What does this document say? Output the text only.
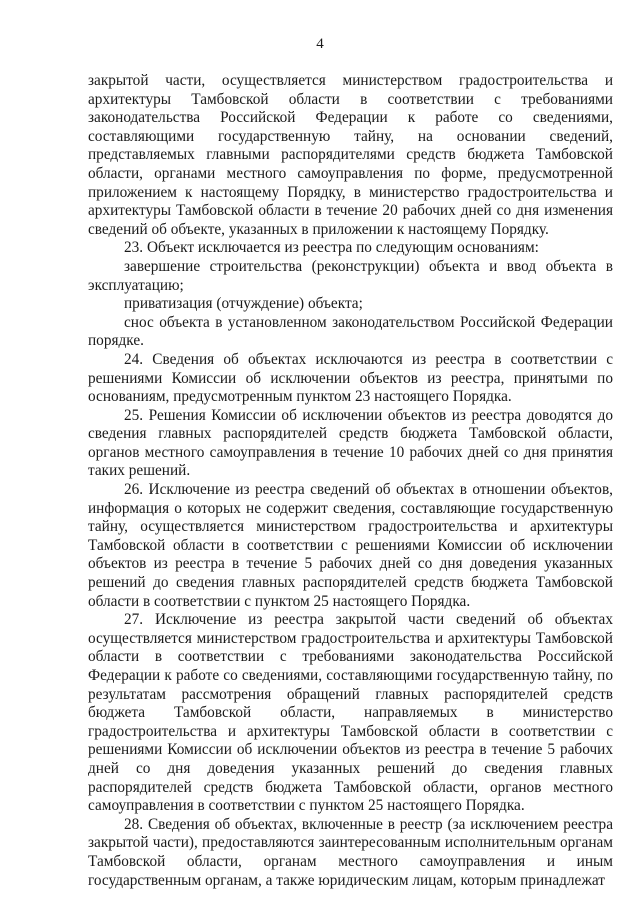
4

закрытой части, осуществляется министерством градостроительства и архитектуры Тамбовской области в соответствии с требованиями законодательства Российской Федерации к работе со сведениями, составляющими государственную тайну, на основании сведений, представляемых главными распорядителями средств бюджета Тамбовской области, органами местного самоуправления по форме, предусмотренной приложением к настоящему Порядку, в министерство градостроительства и архитектуры Тамбовской области в течение 20 рабочих дней со дня изменения сведений об объекте, указанных в приложении к настоящему Порядку.

23. Объект исключается из реестра по следующим основаниям:

завершение строительства (реконструкции) объекта и ввод объекта в эксплуатацию;

приватизация (отчуждение) объекта;

снос объекта в установленном законодательством Российской Федерации порядке.

24. Сведения об объектах исключаются из реестра в соответствии с решениями Комиссии об исключении объектов из реестра, принятыми по основаниям, предусмотренным пунктом 23 настоящего Порядка.

25. Решения Комиссии об исключении объектов из реестра доводятся до сведения главных распорядителей средств бюджета Тамбовской области, органов местного самоуправления в течение 10 рабочих дней со дня принятия таких решений.

26. Исключение из реестра сведений об объектах в отношении объектов, информация о которых не содержит сведения, составляющие государственную тайну, осуществляется министерством градостроительства и архитектуры Тамбовской области в соответствии с решениями Комиссии об исключении объектов из реестра в течение 5 рабочих дней со дня доведения указанных решений до сведения главных распорядителей средств бюджета Тамбовской области в соответствии с пунктом 25 настоящего Порядка.

27. Исключение из реестра закрытой части сведений об объектах осуществляется министерством градостроительства и архитектуры Тамбовской области в соответствии с требованиями законодательства Российской Федерации к работе со сведениями, составляющими государственную тайну, по результатам рассмотрения обращений главных распорядителей средств бюджета Тамбовской области, направляемых в министерство градостроительства и архитектуры Тамбовской области в соответствии с решениями Комиссии об исключении объектов из реестра в течение 5 рабочих дней со дня доведения указанных решений до сведения главных распорядителей средств бюджета Тамбовской области, органов местного самоуправления в соответствии с пунктом 25 настоящего Порядка.

28. Сведения об объектах, включенные в реестр (за исключением реестра закрытой части), предоставляются заинтересованным исполнительным органам Тамбовской области, органам местного самоуправления и иным государственным органам, а также юридическим лицам, которым принадлежат
